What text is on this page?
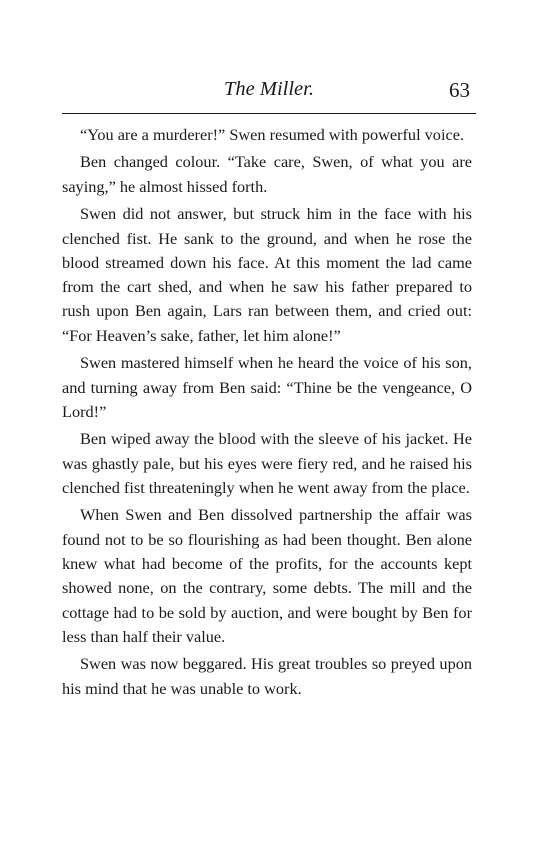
The Miller.	63

“You are a murderer!” Swen resumed with powerful voice.

Ben changed colour. “Take care, Swen, of what you are saying,” he almost hissed forth.

Swen did not answer, but struck him in the face with his clenched fist. He sank to the ground, and when he rose the blood streamed down his face. At this moment the lad came from the cart shed, and when he saw his father prepared to rush upon Ben again, Lars ran between them, and cried out: “For Heaven’s sake, father, let him alone!”

Swen mastered himself when he heard the voice of his son, and turning away from Ben said: “Thine be the vengeance, O Lord!”

Ben wiped away the blood with the sleeve of his jacket. He was ghastly pale, but his eyes were fiery red, and he raised his clenched fist threateningly when he went away from the place.

When Swen and Ben dissolved partnership the affair was found not to be so flourishing as had been thought. Ben alone knew what had become of the profits, for the accounts kept showed none, on the contrary, some debts. The mill and the cottage had to be sold by auction, and were bought by Ben for less than half their value.

Swen was now beggared. His great troubles so preyed upon his mind that he was unable to work.
